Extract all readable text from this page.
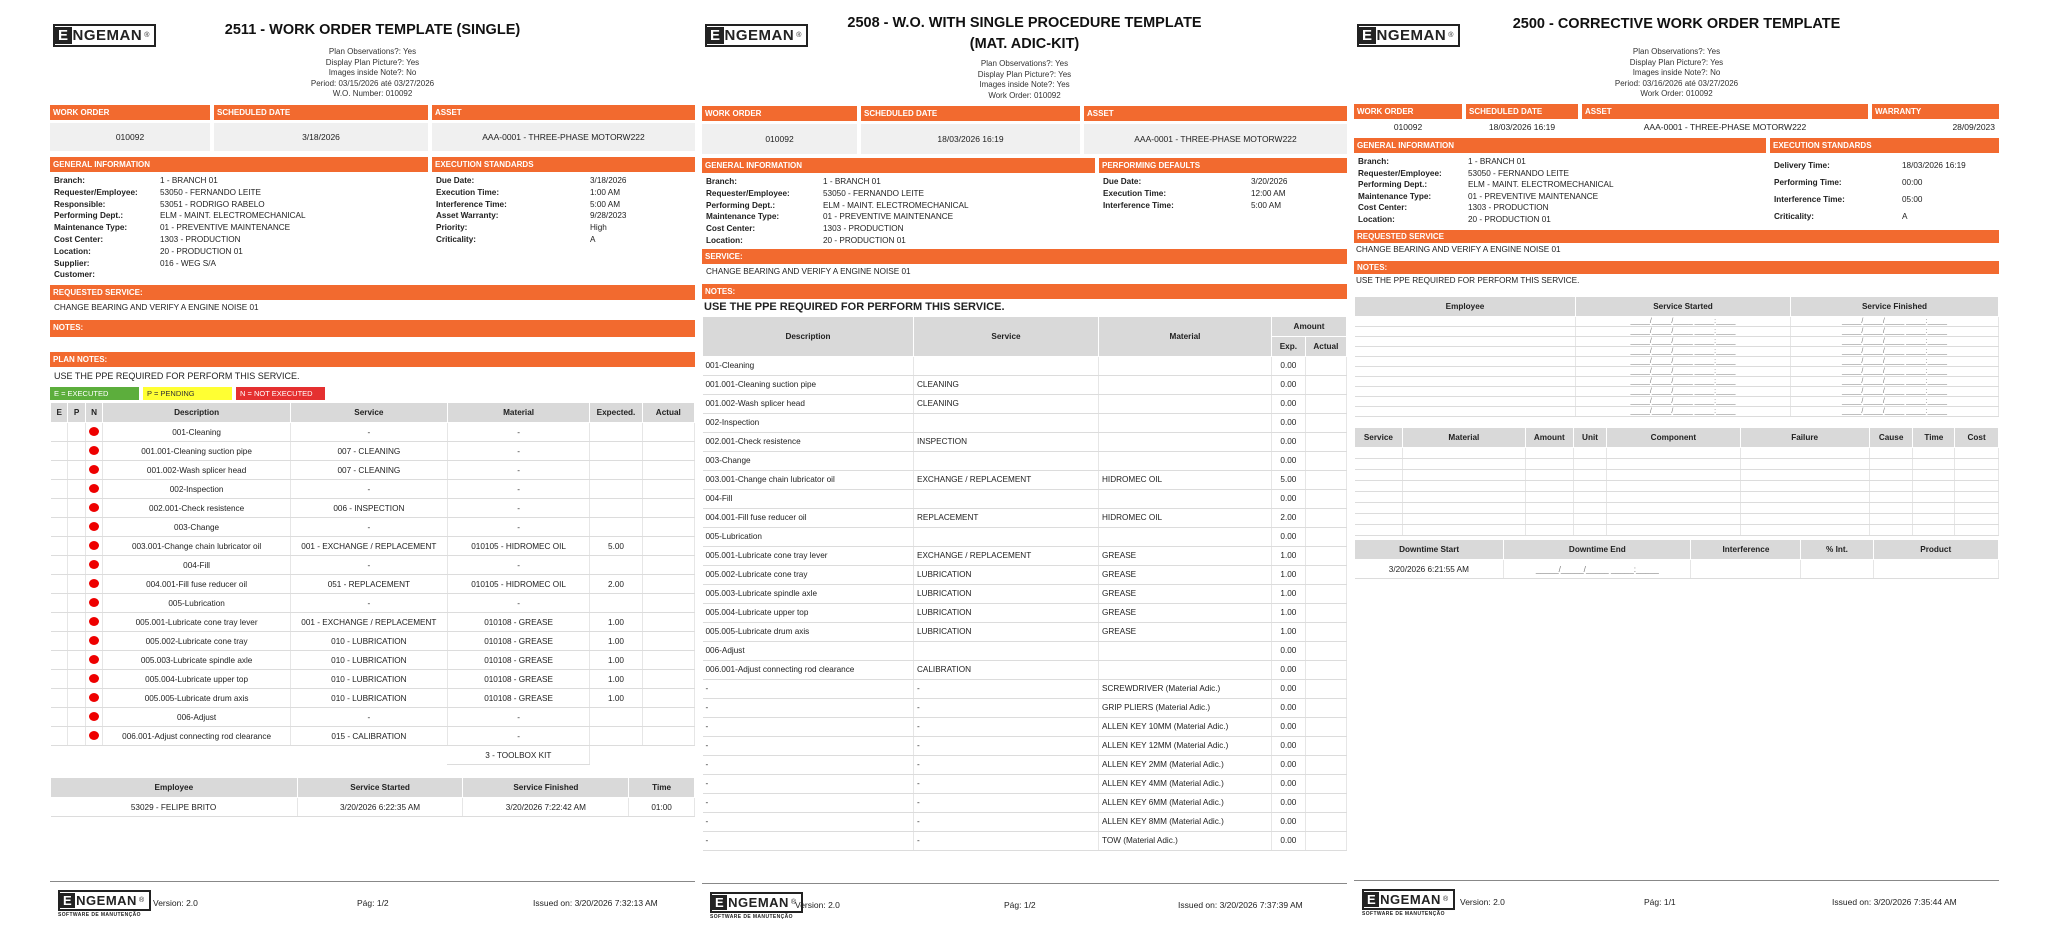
E NGEMAN ®	2511 - WORK ORDER TEMPLATE (SINGLE)
Plan Observations?: Yes
Display Plan Picture?: Yes
Images inside Note?: No
Period: 03/15/2026 até 03/27/2026
W.O. Number: 010092
WORK ORDER
010092
SCHEDULED DATE
3/18/2026
ASSET
AAA-0001 - THREE-PHASE MOTORW222
GENERAL INFORMATION
Branch:	1 - BRANCH 01
Requester/Employee:	53050 - FERNANDO LEITE
Responsible:	53051 - RODRIGO RABELO
Performing Dept.:	ELM - MAINT. ELECTROMECHANICAL
Maintenance Type:	01 - PREVENTIVE MAINTENANCE
Cost Center:	1303 - PRODUCTION
Location:	20 - PRODUCTION 01
Supplier:	016 - WEG S/A
Customer:
EXECUTION STANDARDS
Due Date:	3/18/2026
Execution Time:	1:00 AM
Interference Time:	5:00 AM
Asset Warranty:	9/28/2023
Priority:	High
Criticality:	A
REQUESTED SERVICE:
CHANGE BEARING AND VERIFY A ENGINE NOISE 01
NOTES:
PLAN NOTES:
USE THE PPE REQUIRED FOR PERFORM THIS SERVICE.
E = EXECUTED	P = PENDING	N = NOT EXECUTED
E	P	N	Description	Service	Material	Expected.	Actual
			001-Cleaning	-	-		
			001.001-Cleaning suction pipe	007 - CLEANING	-		
			001.002-Wash splicer head	007 - CLEANING	-		
			002-Inspection	-	-		
			002.001-Check resistence	006 - INSPECTION	-		
			003-Change	-	-		
			003.001-Change chain lubricator oil	001 - EXCHANGE / REPLACEMENT	010105 - HIDROMEC OIL	5.00	
			004-Fill	-	-		
			004.001-Fill fuse reducer oil	051 - REPLACEMENT	010105 - HIDROMEC OIL	2.00	
			005-Lubrication	-	-		
			005.001-Lubricate cone tray lever	001 - EXCHANGE / REPLACEMENT	010108 - GREASE	1.00	
			005.002-Lubricate cone tray	010 - LUBRICATION	010108 - GREASE	1.00	
			005.003-Lubricate spindle axle	010 - LUBRICATION	010108 - GREASE	1.00	
			005.004-Lubricate upper top	010 - LUBRICATION	010108 - GREASE	1.00	
			005.005-Lubricate drum axis	010 - LUBRICATION	010108 - GREASE	1.00	
			006-Adjust	-	-		
			006.001-Adjust connecting rod clearance	015 - CALIBRATION	-		
					3 - TOOLBOX KIT		
Employee	Service Started	Service Finished	Time
53029 - FELIPE BRITO	3/20/2026 6:22:35 AM	3/20/2026 7:22:42 AM	01:00
E NGEMAN ®
SOFTWARE DE MANUTENÇÃO
Version: 2.0	Pág: 1/2	Issued on: 3/20/2026 7:32:13 AM
E NGEMAN ®
2508 - W.O. WITH SINGLE PROCEDURE TEMPLATE
(MAT. ADIC-KIT)
Plan Observations?: Yes
Display Plan Picture?: Yes
Images inside Note?: Yes
Work Order: 010092
WORK ORDER
010092
SCHEDULED DATE
18/03/2026 16:19
ASSET
AAA-0001 - THREE-PHASE MOTORW222
GENERAL INFORMATION
Branch:	1 - BRANCH 01
Requester/Employee:	53050 - FERNANDO LEITE
Performing Dept.:	ELM - MAINT. ELECTROMECHANICAL
Maintenance Type:	01 - PREVENTIVE MAINTENANCE
Cost Center:	1303 - PRODUCTION
Location:	20 - PRODUCTION 01
PERFORMING DEFAULTS
Due Date:	3/20/2026
Execution Time:	12:00 AM
Interference Time:	5:00 AM
SERVICE:
CHANGE BEARING AND VERIFY A ENGINE NOISE 01
NOTES:
USE THE PPE REQUIRED FOR PERFORM THIS SERVICE.
Description	Service	Material	Amount	
			Exp.	Actual
001-Cleaning			0.00	
001.001-Cleaning suction pipe	CLEANING		0.00	
001.002-Wash splicer head	CLEANING		0.00	
002-Inspection			0.00	
002.001-Check resistence	INSPECTION		0.00	
003-Change			0.00	
003.001-Change chain lubricator oil	EXCHANGE / REPLACEMENT	HIDROMEC OIL	5.00	
004-Fill			0.00	
004.001-Fill fuse reducer oil	REPLACEMENT	HIDROMEC OIL	2.00	
005-Lubrication			0.00	
005.001-Lubricate cone tray lever	EXCHANGE / REPLACEMENT	GREASE	1.00	
005.002-Lubricate cone tray	LUBRICATION	GREASE	1.00	
005.003-Lubricate spindle axle	LUBRICATION	GREASE	1.00	
005.004-Lubricate upper top	LUBRICATION	GREASE	1.00	
005.005-Lubricate drum axis	LUBRICATION	GREASE	1.00	
006-Adjust			0.00	
006.001-Adjust connecting rod clearance	CALIBRATION		0.00	
-	-	SCREWDRIVER (Material Adic.)	0.00	
-	-	GRIP PLIERS (Material Adic.)	0.00	
-	-	ALLEN KEY 10MM (Material Adic.)	0.00	
-	-	ALLEN KEY 12MM (Material Adic.)	0.00	
-	-	ALLEN KEY 2MM (Material Adic.)	0.00	
-	-	ALLEN KEY 4MM (Material Adic.)	0.00	
-	-	ALLEN KEY 6MM (Material Adic.)	0.00	
-	-	ALLEN KEY 8MM (Material Adic.)	0.00	
-	-	TOW (Material Adic.)	0.00	
E NGEMAN ®
SOFTWARE DE MANUTENÇÃO
Version: 2.0	Pág: 1/2	Issued on: 3/20/2026 7:37:39 AM
E NGEMAN ®
2500 - CORRECTIVE WORK ORDER TEMPLATE
Plan Observations?: Yes
Display Plan Picture?: Yes
Images inside Note?: No
Period: 03/16/2026 até 03/27/2026
Work Order: 010092
WORK ORDER
010092
SCHEDULED DATE
18/03/2026 16:19
ASSET
AAA-0001 - THREE-PHASE MOTORW222
WARRANTY
28/09/2023
GENERAL INFORMATION
Branch:	1 - BRANCH 01
Requester/Employee:	53050 - FERNANDO LEITE
Performing Dept.:	ELM - MAINT. ELECTROMECHANICAL
Maintenance Type:	01 - PREVENTIVE MAINTENANCE
Cost Center:	1303 - PRODUCTION
Location:	20 - PRODUCTION 01
EXECUTION STANDARDS
Delivery Time:	18/03/2026 16:19
Performing Time:	00:00
Interference Time:	05:00
Criticality:	A
REQUESTED SERVICE
CHANGE BEARING AND VERIFY A ENGINE NOISE 01
NOTES:
USE THE PPE REQUIRED FOR PERFORM THIS SERVICE.
Employee	Service Started	Service Finished
	_____/_____/_____ _____:_____	_____/_____/_____ _____:_____
	_____/_____/_____ _____:_____	_____/_____/_____ _____:_____
	_____/_____/_____ _____:_____	_____/_____/_____ _____:_____
	_____/_____/_____ _____:_____	_____/_____/_____ _____:_____
	_____/_____/_____ _____:_____	_____/_____/_____ _____:_____
	_____/_____/_____ _____:_____	_____/_____/_____ _____:_____
	_____/_____/_____ _____:_____	_____/_____/_____ _____:_____
	_____/_____/_____ _____:_____	_____/_____/_____ _____:_____
	_____/_____/_____ _____:_____	_____/_____/_____ _____:_____
	_____/_____/_____ _____:_____	_____/_____/_____ _____:_____
Service	Material	Amount	Unit	Component	Failure	Cause	Time	Cost

Downtime Start	Downtime End	Interference	% Int.	Product
3/20/2026 6:21:55 AM	_____/_____/_____ _____:_____			
E NGEMAN ®
SOFTWARE DE MANUTENÇÃO
Version: 2.0	Pág: 1/1	Issued on: 3/20/2026 7:35:44 AM
